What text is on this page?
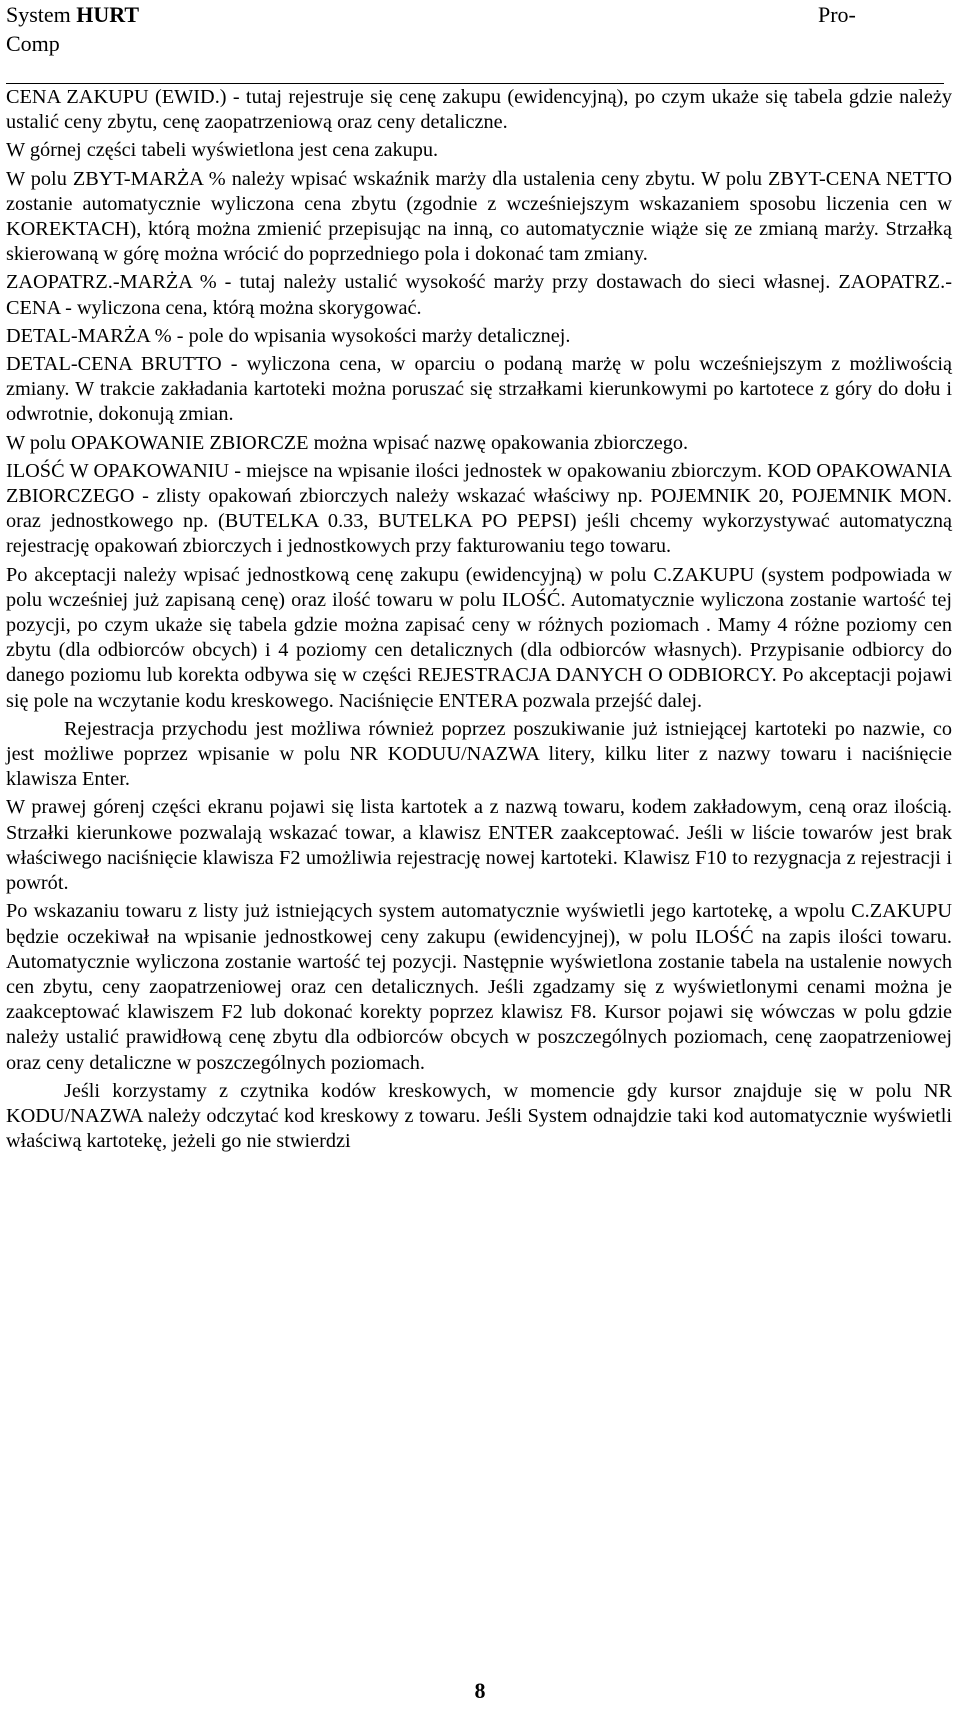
System HURT	Pro-
Comp

CENA ZAKUPU (EWID.) - tutaj rejestruje się cenę zakupu (ewidencyjną), po czym ukaże się tabela gdzie należy ustalić ceny zbytu, cenę zaopatrzeniową oraz ceny detaliczne.

W górnej części tabeli wyświetlona jest cena zakupu.

W polu ZBYT-MARŻA % należy wpisać wskaźnik marży dla ustalenia ceny zbytu. W polu ZBYT-CENA NETTO zostanie automatycznie wyliczona cena zbytu (zgodnie z wcześniejszym wskazaniem sposobu liczenia cen w KOREKTACH), którą można zmienić przepisując na inną, co automatycznie wiąże się ze zmianą marży. Strzałką skierowaną w górę można wrócić do poprzedniego pola i dokonać tam zmiany.

ZAOPATRZ.-MARŻA % - tutaj należy ustalić wysokość marży przy dostawach do sieci własnej. ZAOPATRZ.-CENA - wyliczona cena, którą można skorygować.

DETAL-MARŻA % - pole do wpisania wysokości marży detalicznej.

DETAL-CENA BRUTTO - wyliczona cena, w oparciu o podaną marżę w polu wcześniejszym z możliwością zmiany. W trakcie zakładania kartoteki można poruszać się strzałkami kierunkowymi po kartotece z góry do dołu i odwrotnie, dokonują zmian.

W polu OPAKOWANIE ZBIORCZE można wpisać nazwę opakowania zbiorczego.

ILOŚĆ W OPAKOWANIU - miejsce na wpisanie ilości jednostek w opakowaniu zbiorczym. KOD OPAKOWANIA ZBIORCZEGO - zlisty opakowań zbiorczych należy wskazać właściwy np. POJEMNIK 20, POJEMNIK MON. oraz jednostkowego np. (BUTELKA 0.33, BUTELKA PO PEPSI) jeśli chcemy wykorzystywać automatyczną rejestrację opakowań zbiorczych i jednostkowych przy fakturowaniu tego towaru.

Po akceptacji należy wpisać jednostkową cenę zakupu (ewidencyjną) w polu C.ZAKUPU (system podpowiada w polu wcześniej już zapisaną cenę) oraz ilość towaru w polu ILOŚĆ. Automatycznie wyliczona zostanie wartość tej pozycji, po czym ukaże się tabela gdzie można zapisać ceny w różnych poziomach . Mamy 4 różne poziomy cen zbytu (dla odbiorców obcych) i 4 poziomy cen detalicznych (dla odbiorców własnych). Przypisanie odbiorcy do danego poziomu lub korekta odbywa się w części REJESTRACJA DANYCH O ODBIORCY. Po akceptacji pojawi się pole na wczytanie kodu kreskowego. Naciśnięcie ENTERA pozwala przejść dalej.

Rejestracja przychodu jest możliwa również poprzez poszukiwanie już istniejącej kartoteki po nazwie, co jest możliwe poprzez wpisanie w polu NR KODUU/NAZWA litery, kilku liter z nazwy towaru i naciśnięcie klawisza Enter.

W prawej górenj części ekranu pojawi się lista kartotek a z nazwą towaru, kodem zakładowym, ceną oraz ilością. Strzałki kierunkowe pozwalają wskazać towar, a klawisz ENTER zaakceptować. Jeśli w liście towarów jest brak właściwego naciśnięcie klawisza F2 umożliwia rejestrację nowej kartoteki. Klawisz F10 to rezygnacja z rejestracji i powrót.

Po wskazaniu towaru z listy już istniejących system automatycznie wyświetli jego kartotekę, a wpolu C.ZAKUPU będzie oczekiwał na wpisanie jednostkowej ceny zakupu (ewidencyjnej), w polu ILOŚĆ na zapis ilości towaru. Automatycznie wyliczona zostanie wartość tej pozycji. Następnie wyświetlona zostanie tabela na ustalenie nowych cen zbytu, ceny zaopatrzeniowej oraz cen detalicznych. Jeśli zgadzamy się z wyświetlonymi cenami można je zaakceptować klawiszem F2 lub dokonać korekty poprzez klawisz F8. Kursor pojawi się wówczas w polu gdzie należy ustalić prawidłową cenę zbytu dla odbiorców obcych w poszczególnych poziomach, cenę zaopatrzeniowej oraz ceny detaliczne w poszczególnych poziomach.

Jeśli korzystamy z czytnika kodów kreskowych, w momencie gdy kursor znajduje się w polu NR KODU/NAZWA należy odczytać kod kreskowy z towaru. Jeśli System odnajdzie taki kod automatycznie wyświetli właściwą kartotekę, jeżeli go nie stwierdzi

8
